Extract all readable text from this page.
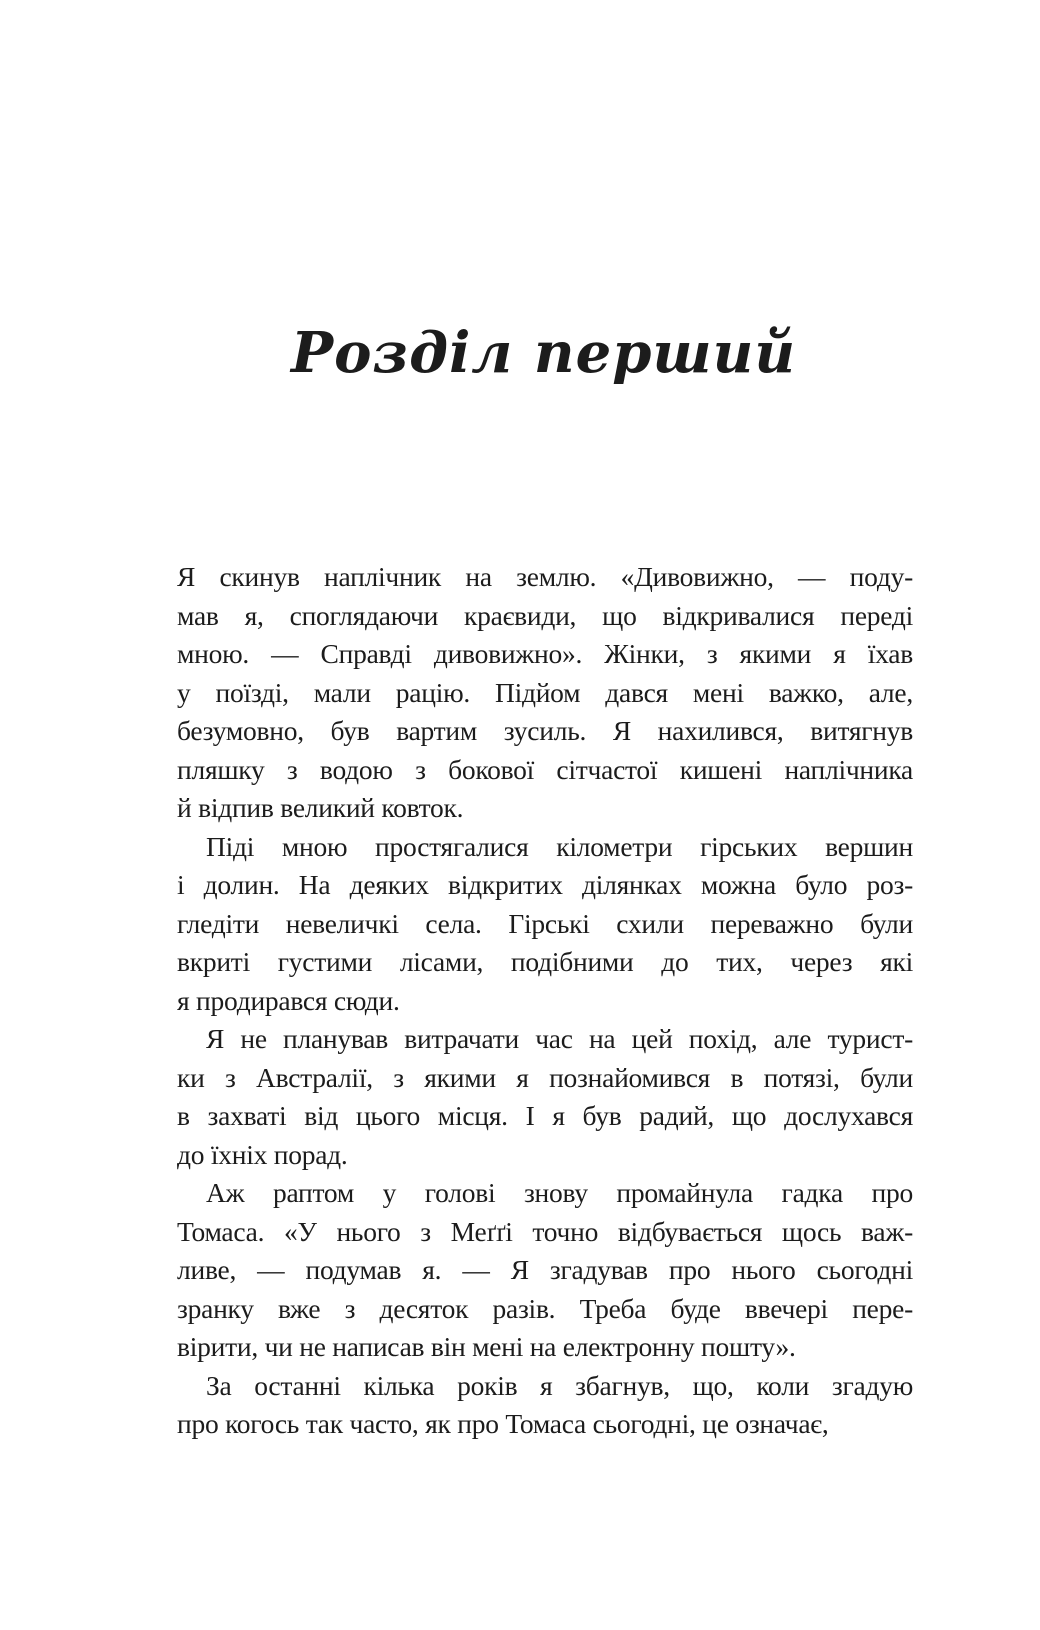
Розділ перший
Я скинув наплічник на землю. «Дивовижно, — поду-
мав я, споглядаючи краєвиди, що відкривалися переді
мною. — Справді дивовижно». Жінки, з якими я їхав
у поїзді, мали рацію. Підйом дався мені важко, але,
безумовно, був вартим зусиль. Я нахилився, витягнув
пляшку з водою з бокової сітчастої кишені наплічника
й відпив великий ковток.
Піді мною простягалися кілометри гірських вершин
і долин. На деяких відкритих ділянках можна було роз-
гледіти невеличкі села. Гірські схили переважно були
вкриті густими лісами, подібними до тих, через які
я продирався сюди.
Я не планував витрачати час на цей похід, але турист-
ки з Австралії, з якими я познайомився в потязі, були
в захваті від цього місця. І я був радий, що дослухався
до їхніх порад.
Аж раптом у голові знову промайнула гадка про
Томаса. «У нього з Меґґі точно відбувається щось важ-
ливе, — подумав я. — Я згадував про нього сьогодні
зранку вже з десяток разів. Треба буде ввечері пере-
вірити, чи не написав він мені на електронну пошту».
За останні кілька років я збагнув, що, коли згадую
про когось так часто, як про Томаса сьогодні, це означає,
